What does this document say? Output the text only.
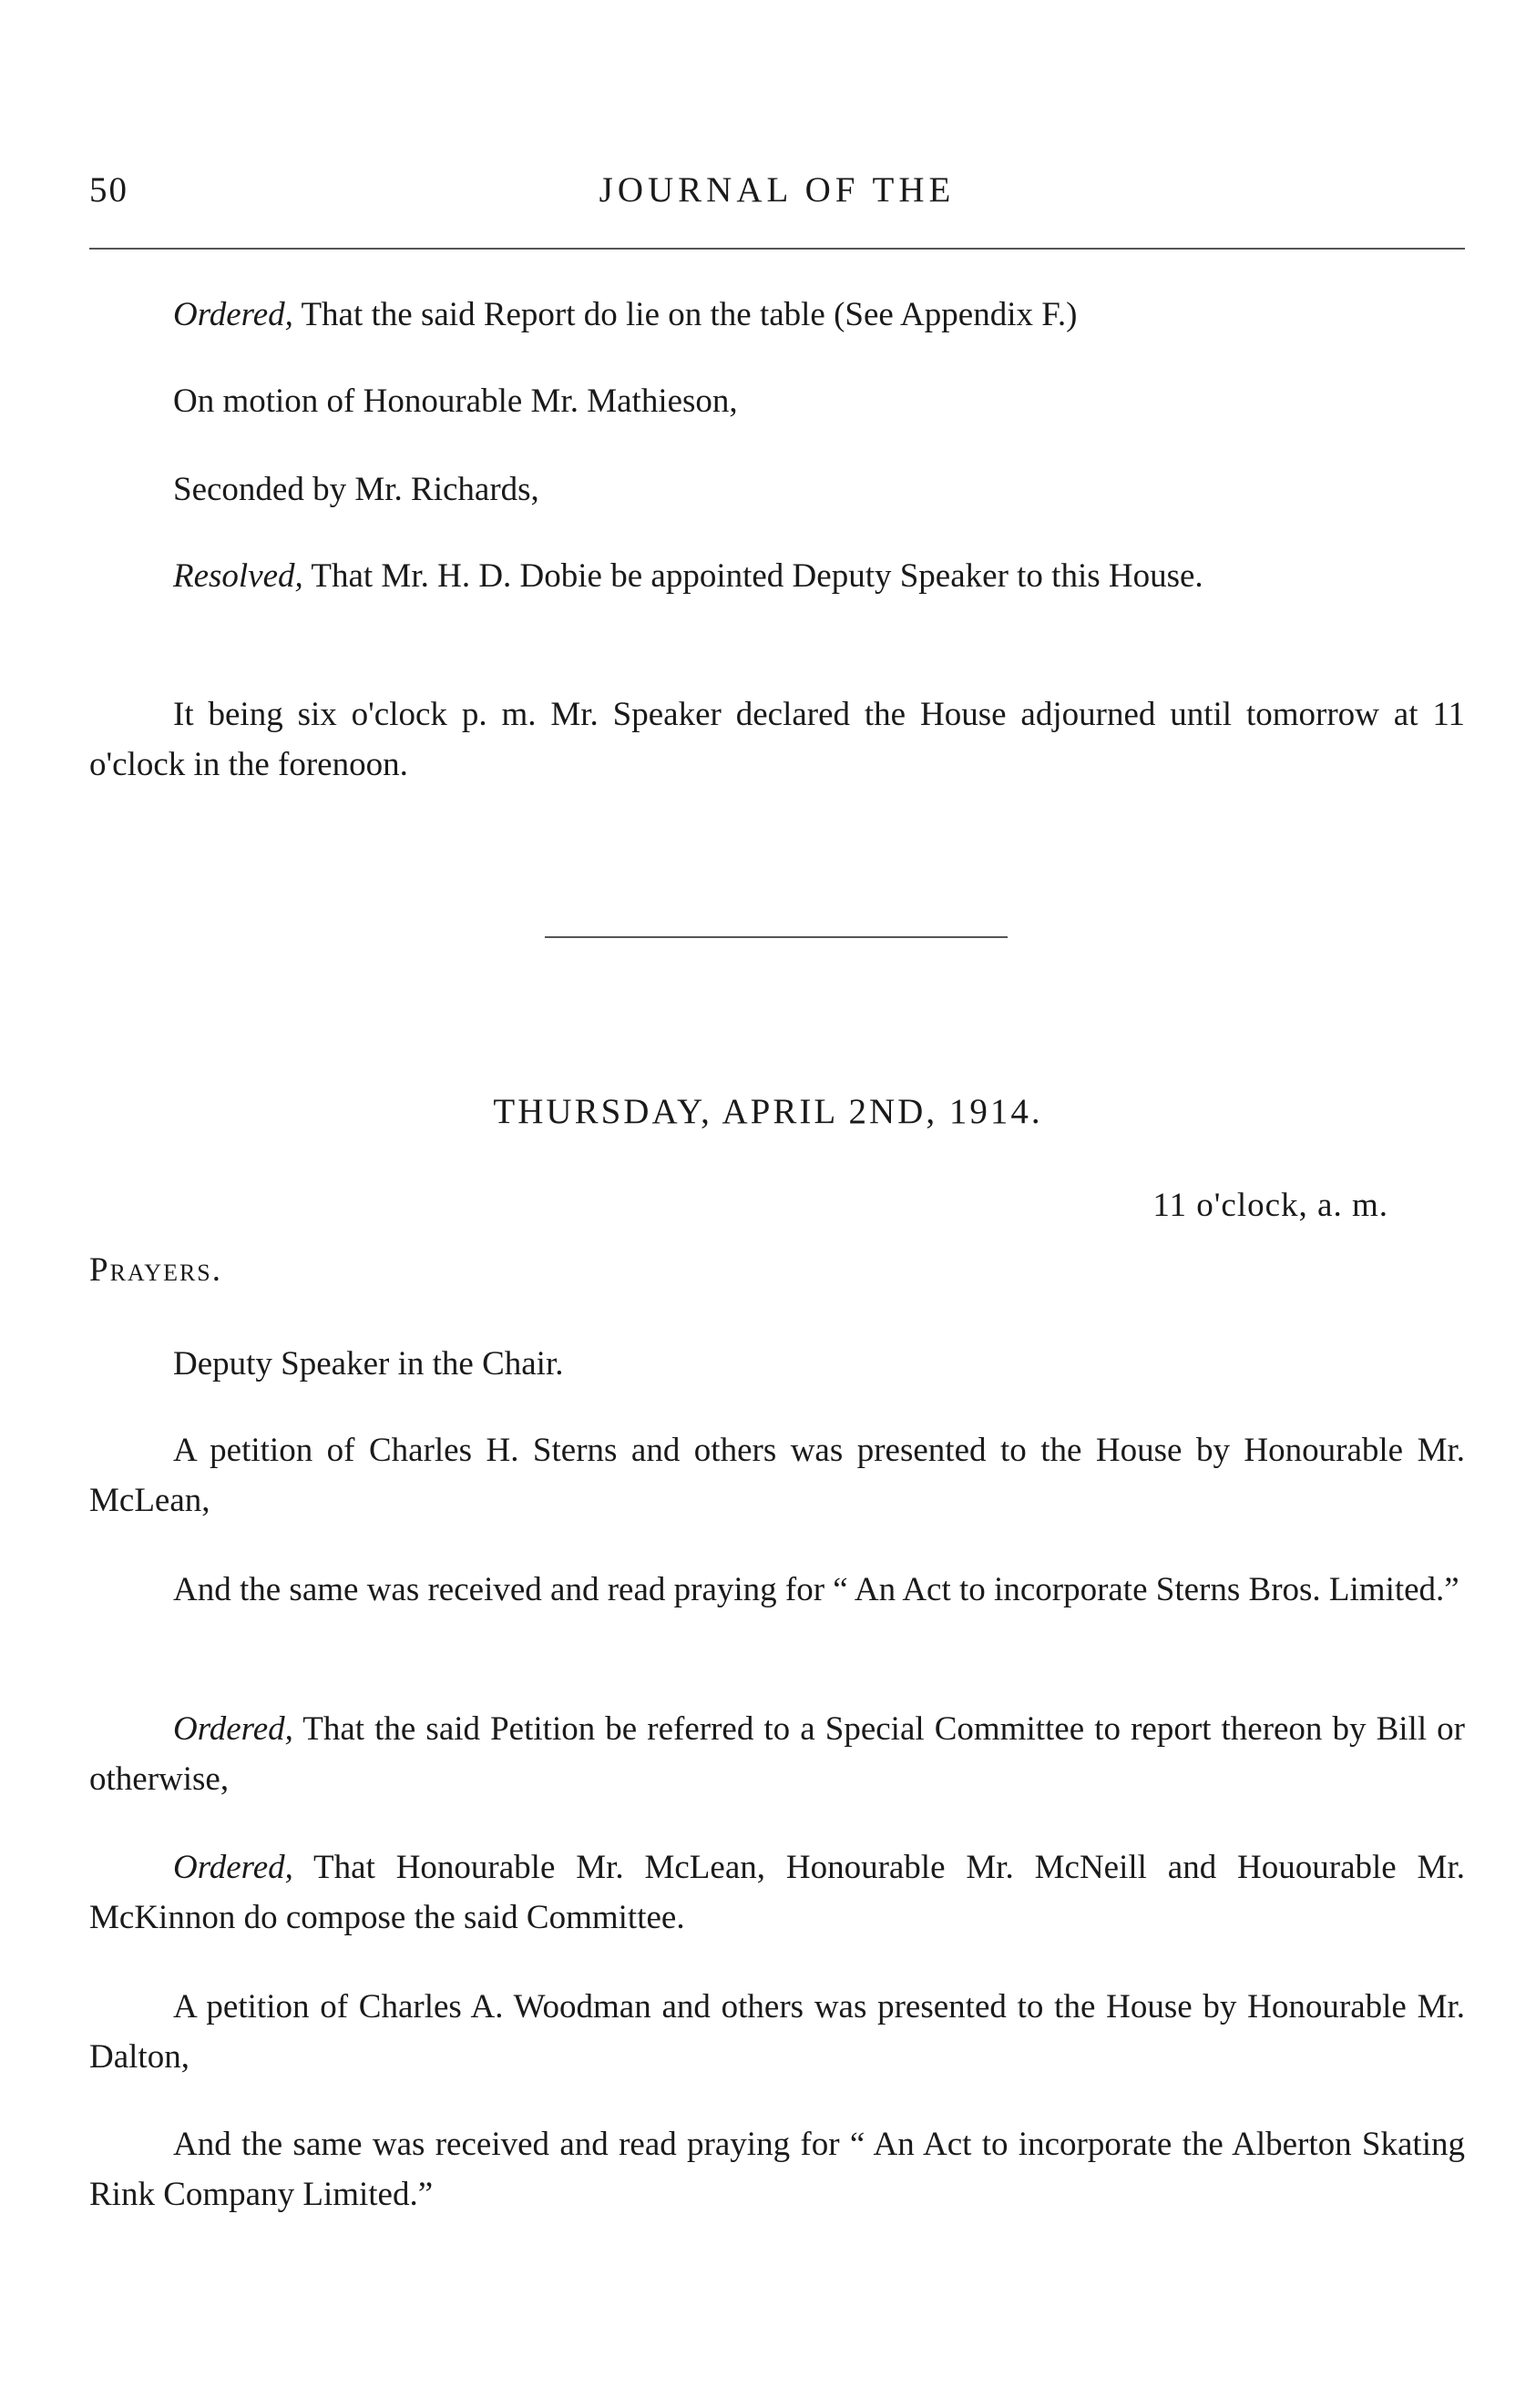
50	JOURNAL OF THE

Ordered, That the said Report do lie on the table (See Appendix F.)

On motion of Honourable Mr. Mathieson,

Seconded by Mr. Richards,

Resolved, That Mr. H. D. Dobie be appointed Deputy Speaker to this House.

It being six o'clock p. m. Mr. Speaker declared the House adjourned until tomorrow at 11 o'clock in the forenoon.

THURSDAY, APRIL 2ND, 1914.
11 o'clock, a. m.
Prayers.

Deputy Speaker in the Chair.

A petition of Charles H. Sterns and others was presented to the House by Honourable Mr. McLean,

And the same was received and read praying for “ An Act to incorporate Sterns Bros. Limited.”

Ordered, That the said Petition be referred to a Special Committee to report thereon by Bill or otherwise,

Ordered, That Honourable Mr. McLean, Honourable Mr. McNeill and Houourable Mr. McKinnon do compose the said Committee.

A petition of Charles A. Woodman and others was presented to the House by Honourable Mr. Dalton,

And the same was received and read praying for “ An Act to incorporate the Alberton Skating Rink Company Limited.”
